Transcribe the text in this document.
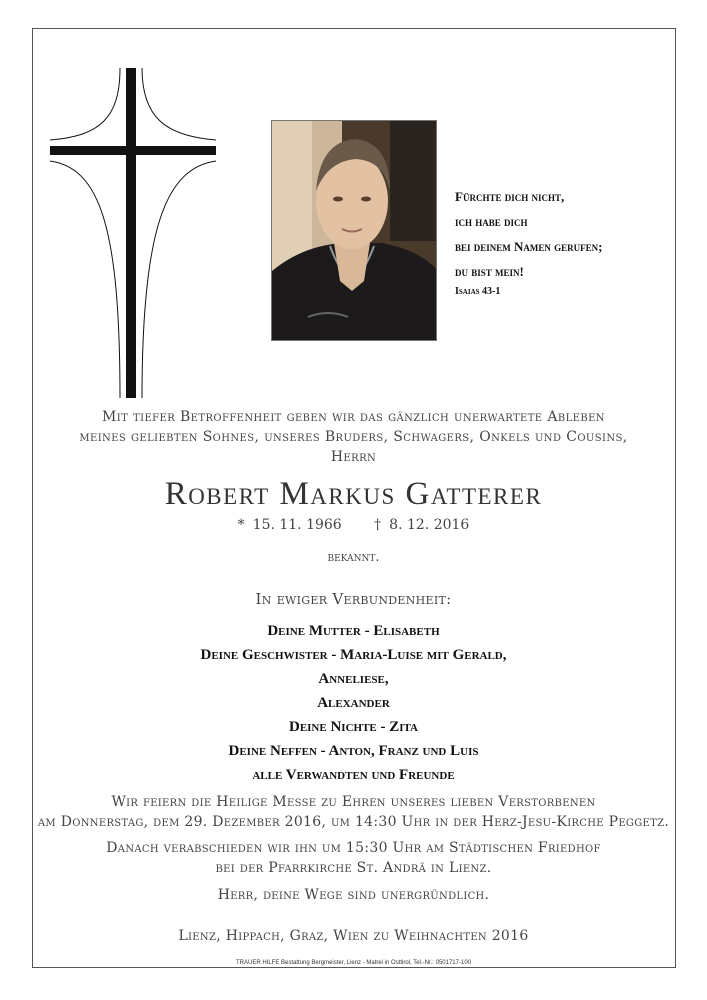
Fürchte dich nicht,
ich habe dich
bei deinem Namen gerufen;
du bist mein!
Isaias 43-1
Mit tiefer Betroffenheit geben wir das gänzlich unerwartete Ableben
meines geliebten Sohnes, unseres Bruders, Schwagers, Onkels und Cousins,
Herrn
Robert Markus Gatterer
* 15. 11. 1966 † 8. 12. 2016
bekannt.
In ewiger Verbundenheit:
Deine Mutter - Elisabeth
Deine Geschwister - Maria-Luise mit Gerald,
Anneliese,
Alexander
Deine Nichte - Zita
Deine Neffen - Anton, Franz und Luis
alle Verwandten und Freunde
Wir feiern die Heilige Messe zu Ehren unseres lieben Verstorbenen
am Donnerstag, dem 29. Dezember 2016, um 14:30 Uhr in der Herz-Jesu-Kirche Peggetz.
Danach verabschieden wir ihn um 15:30 Uhr am Städtischen Friedhof
bei der Pfarrkirche St. Andrä in Lienz.
Herr, deine Wege sind unergründlich.
Lienz, Hippach, Graz, Wien zu Weihnachten 2016
TRAUER HILFE Bestattung Bergmeister, Lienz - Matrei in Osttirol, Tel.-Nr.: 0501717-100
